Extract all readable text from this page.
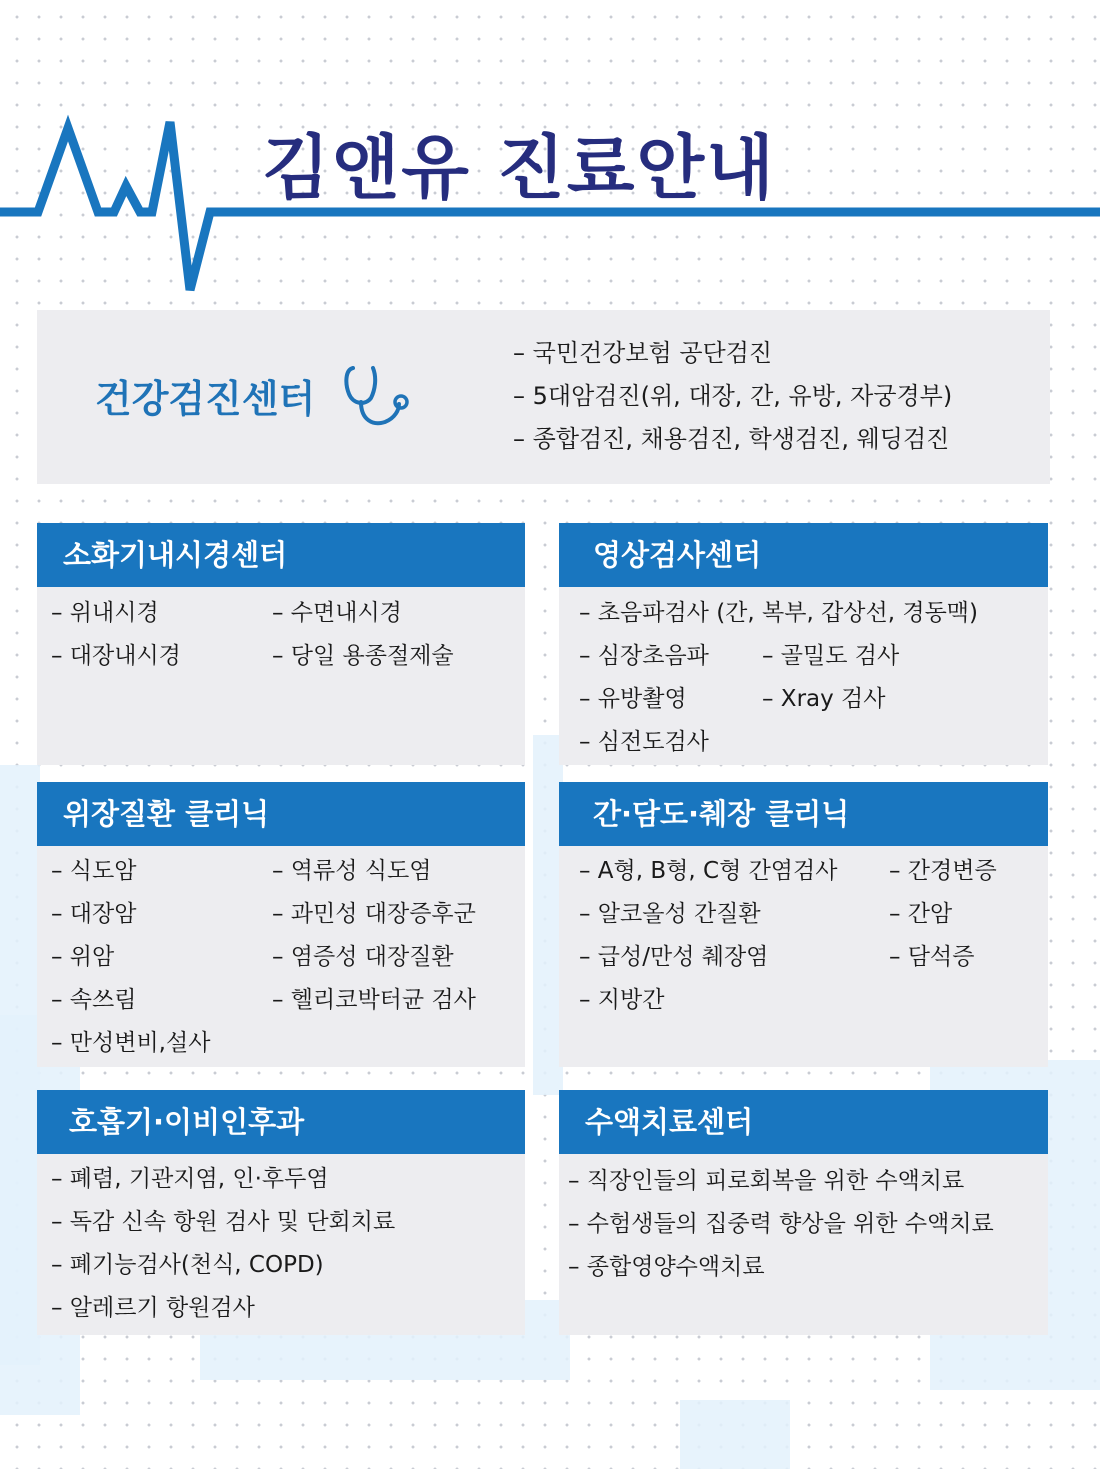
김앤유 진료안내
건강검진센터
– 국민건강보험 공단검진
– 5대암검진(위, 대장, 간, 유방, 자궁경부)
– 종합검진, 채용검진, 학생검진, 웨딩검진
소화기내시경센터
– 위내시경	– 수면내시경
– 대장내시경	– 당일 용종절제술
영상검사센터
– 초음파검사 (간, 복부, 갑상선, 경동맥)
– 심장초음파 – 골밀도 검사
– 유방촬영	– Xray 검사
– 심전도검사
위장질환 클리닉
– 식도암	– 역류성 식도염
– 대장암	– 과민성 대장증후군
– 위암	– 염증성 대장질환
– 속쓰림	– 헬리코박터균 검사
– 만성변비,설사
간·담도·췌장 클리닉
– A형, B형, C형 간염검사 – 간경변증
– 알코올성 간질환	– 간암
– 급성/만성 췌장염	– 담석증
– 지방간
호흡기·이비인후과
– 폐렴, 기관지염, 인·후두염
– 독감 신속 항원 검사 및 단회치료
– 폐기능검사(천식, COPD)
– 알레르기 항원검사
수액치료센터
– 직장인들의 피로회복을 위한 수액치료
– 수험생들의 집중력 향상을 위한 수액치료
– 종합영양수액치료
